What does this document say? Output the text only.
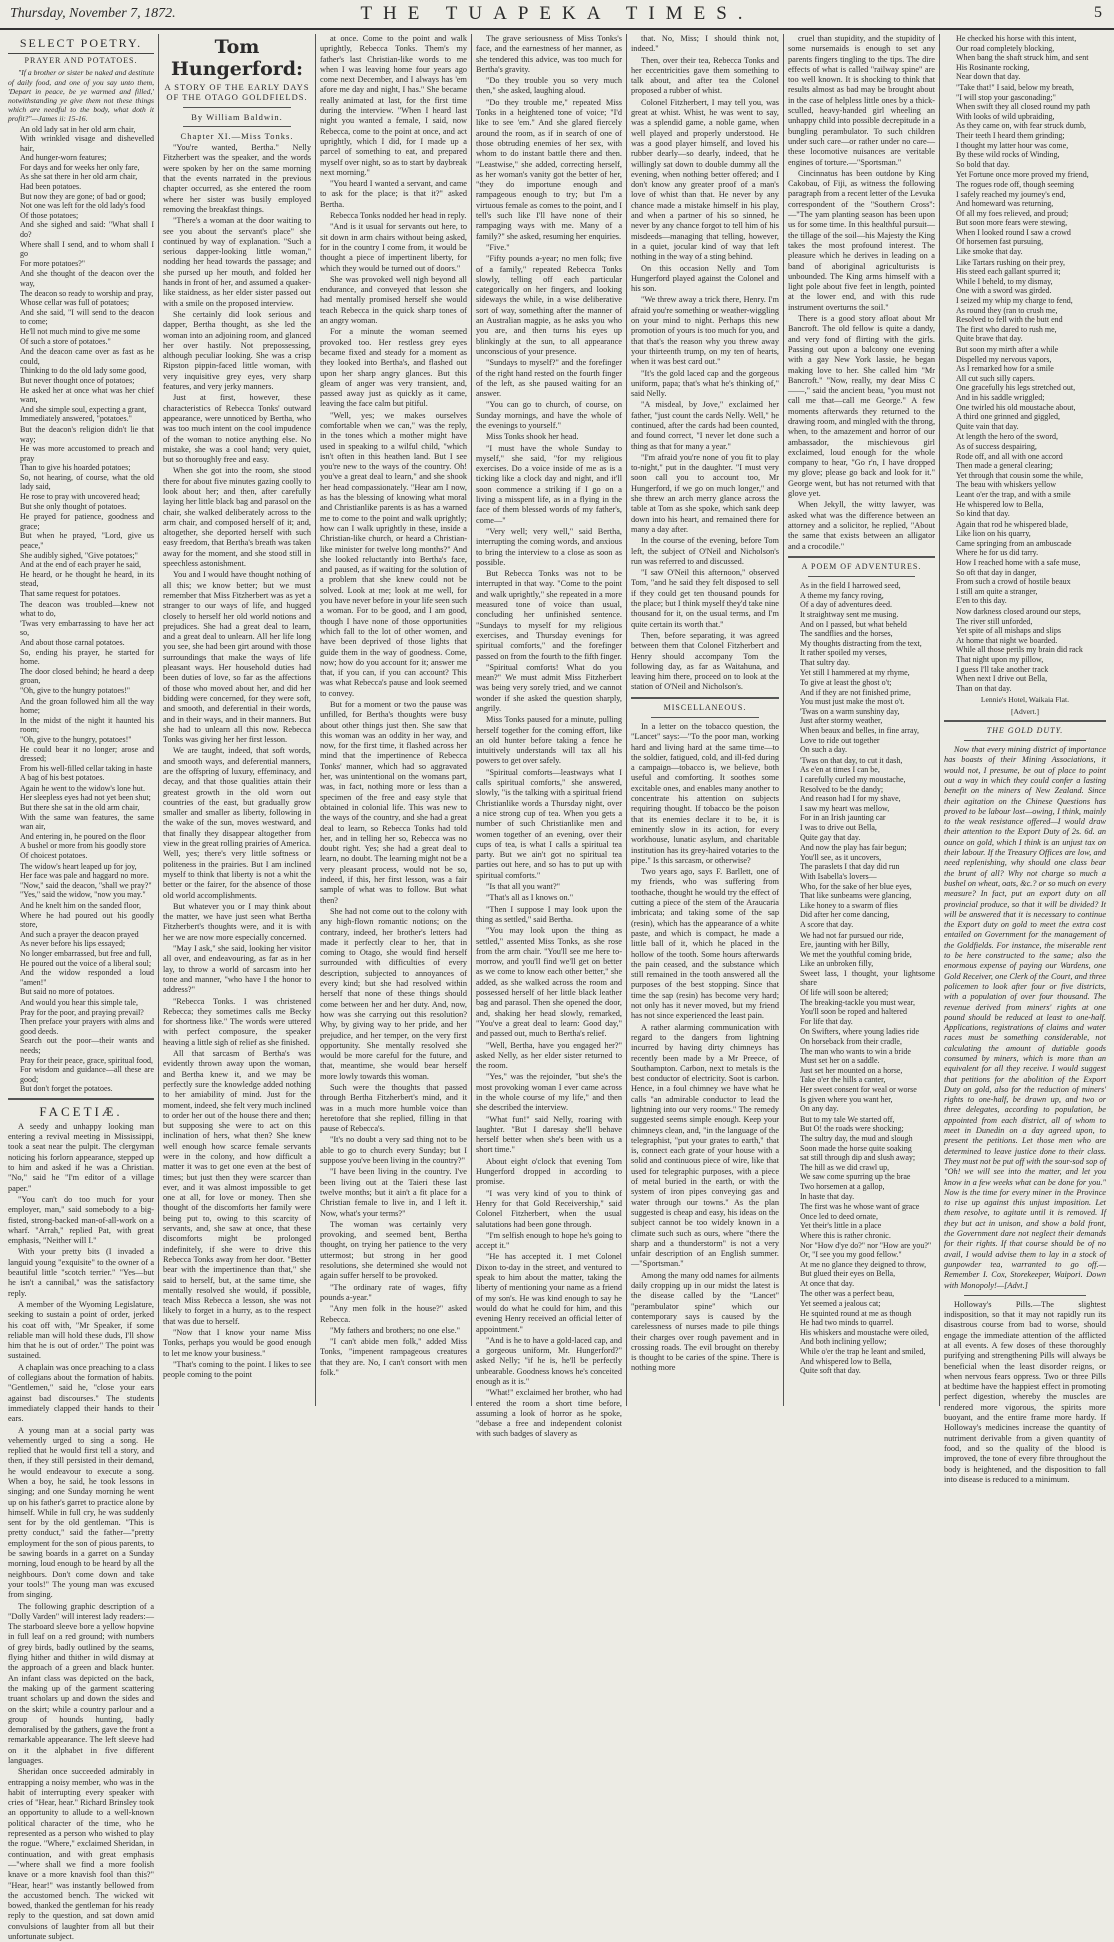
Thursday, November 7, 1872.	THE TUAPEKA TIMES.	5

SELECT POETRY.

PRAYER AND POTATOES.

"If a brother or sister be naked and destitute of daily food, and one of you say unto them, 'Depart in peace, be ye warmed and filled,' notwithstanding ye give them not these things which are needful to the body, what doth it profit?"—James ii: 15-16.

An old lady sat in her old arm chair,
With wrinkled visage and dishevelled hair,
And hunger-worn features;
For days and for weeks her only fare,
As she sat there in her old arm chair,
Had been potatoes.
But now they are gone; of bad or good;
Not one was left for the old lady's food
Of those potatoes;
And she sighed and said: "What shall I do?
Where shall I send, and to whom shall I go
For more potatoes?"

And she thought of the deacon over the way,
The deacon so ready to worship and pray,
Whose cellar was full of potatoes;
And she said, "I will send to the deacon to come;
He'll not much mind to give me some
Of such a store of potatoes."

And the deacon came over as fast as he could,
Thinking to do the old lady some good,
But never thought once of potatoes;
He asked her at once what was her chief want,
And she simple soul, expecting a grant,
Immediately answered, "potatoes."

But the deacon's religion didn't lie that way;
He was more accustomed to preach and pray
Than to give his hoarded potatoes;
So, not hearing, of course, what the old lady said,
He rose to pray with uncovered head;
But she only thought of potatoes.

He prayed for patience, goodness and grace;
But when he prayed, "Lord, give us peace,"
She audibly sighed, "Give potatoes;"
And at the end of each prayer he said,
He heard, or he thought he heard, in its stead,
That same request for potatoes.

The deacon was troubled—knew not what to do,
'Twas very embarrassing to have her act so,
And about those carnal potatoes.
So, ending his prayer, he started for home.
The door closed behind; he heard a deep groan,
"Oh, give to the hungry potatoes!"

And the groan followed him all the way home;
In the midst of the night it haunted his room;
"Oh, give to the hungry, potatoes!"
He could bear it no longer; arose and dressed;
From his well-filled cellar taking in haste
A bag of his best potatoes.

Again he went to the widow's lone hut.
Her sleepless eyes had not yet been shut;
But there she sat in the old arm chair,
With the same wan features, the same wan air,
And entering in, he poured on the floor
A bushel or more from his goodly store
Of choicest potatoes.

The widow's heart leaped up for joy,
Her face was pale and haggard no more.
"Now," said the deacon, "shall we pray?"
"Yes," said the widow, "now you may."

And he knelt him on the sanded floor,
Where he had poured out his goodly store,
And such a prayer the deacon prayed
As never before his lips essayed;
No longer embarrassed, but free and full,
He poured out the voice of a liberal soul;
And the widow responded a loud "amen!"
But said no more of potatoes.

And would you hear this simple tale,
Pray for the poor, and praying prevail?
Then preface your prayers with alms and good deeds.
Search out the poor—their wants and needs;
Pray for their peace, grace, spiritual food,
For wisdom and guidance—all these are good;
But don't forget the potatoes.

FACETIÆ.

A seedy and unhappy looking man entering a revival meeting in Mississippi, took a seat near the pulpit. The clergyman noticing his forlorn appearance, stepped up to him and asked if he was a Christian. "No," said he "I'm editor of a village paper."

"You can't do too much for your employer, man," said somebody to a big-fisted, strong-backed man-of-all-work on a wharf. "Arrah," replied Pat, with great emphasis, "Neither will I."

With your pretty bits (I invaded a languid young "exquisite" to the owner of a beautiful little "scotch terrier." "Yes—but he isn't a cannibal," was the satisfactory reply.

A member of the Wyoming Legislature, seeking to sustain a point of order, jerked his coat off with, "Mr Speaker, if some reliable man will hold these duds, I'll show him that he is out of order." The point was sustained.

A chaplain was once preaching to a class of collegians about the formation of habits. "Gentlemen," said he, "close your ears against bad discourses." The students immediately clapped their hands to their ears.

A young man at a social party was vehemently urged to sing a song. He replied that he would first tell a story, and then, if they still persisted in their demand, he would endeavour to execute a song. When a boy, he said, he took lessons in singing; and one Sunday morning he went up on his father's garret to practice alone by himself. While in full cry, he was suddenly sent for by the old gentleman. "This is pretty conduct," said the father—"pretty employment for the son of pious parents, to be sawing boards in a garret on a Sunday morning, loud enough to be heard by all the neighbours. Don't come down and take your tools!" The young man was excused from singing.

The following graphic description of a "Dolly Varden" will interest lady readers:—The starboard sleeve bore a yellow hopvine in full leaf on a red ground; with numbers of grey birds, badly outlined by the seams, flying hither and thither in wild dismay at the approach of a green and black hunter. An infant class was depicted on the back, the making up of the garment scattering truant scholars up and down the sides and on the skirt; while a country parlour and a group of hounds hunting, badly demoralised by the gathers, gave the front a remarkable appearance. The left sleeve had on it the alphabet in five different languages.

Sheridan once succeeded admirably in entrapping a noisy member, who was in the habit of interrupting every speaker with cries of "Hear, hear." Richard Brinsley took an opportunity to allude to a well-known political character of the time, who he represented as a person who wished to play the rogue. "Where," exclaimed Sheridan, in continuation, and with great emphasis—"where shall we find a more foolish knave or a more knavish fool than this?" "Hear, hear!" was instantly bellowed from the accustomed bench. The wicked wit bowed, thanked the gentleman for his ready reply to the question, and sat down amid convulsions of laughter from all but their unfortunate subject.

Tom Hungerford:

A STORY OF THE EARLY DAYS OF THE OTAGO GOLDFIELDS.

By William Baldwin.

Chapter XI.—Miss Tonks.

"You're wanted, Bertha." Nelly Fitzherbert was the speaker, and the words were spoken by her on the same morning that the events narrated in the previous chapter occurred, as she entered the room where her sister was busily employed removing the breakfast things.

"There's a woman at the door waiting to see you about the servant's place" she continued by way of explanation. "Such a serious dapper-looking little woman," nodding her head towards the passage; and she pursed up her mouth, and folded her hands in front of her, and assumed a quaker-like staidness, as her elder sister passed out with a smile on the proposed interview.

She certainly did look serious and dapper, Bertha thought, as she led the woman into an adjoining room, and glanced her over hastily. Not prepossessing, although peculiar looking. She was a crisp Ripston pippin-faced little woman, with very inquisitive grey eyes, very sharp features, and very jerky manners.

Just at first, however, these characteristics of Rebecca Tonks' outward appearance, were unnoticed by Bertha, who was too much intent on the cool impudence of the woman to notice anything else. No mistake, she was a cool hand; very quiet, but so thoroughly free and easy.

When she got into the room, she stood there for about five minutes gazing coolly to look about her; and then, after carefully laying her little black bag and parasol on the chair, she walked deliberately across to the arm chair, and composed herself of it; and, altogether, she deported herself with such easy freedom, that Bertha's breath was taken away for the moment, and she stood still in speechless astonishment.

You and I would have thought nothing of all this; we know better; but we must remember that Miss Fitzherbert was as yet a stranger to our ways of life, and hugged closely to herself her old world notions and prejudices. She had a great deal to learn, and a great deal to unlearn. All her life long you see, she had been girt around with those surroundings that make the ways of life pleasant ways. Her household duties had been duties of love, so far as the affections of those who moved about her, and did her bidding were concerned, for they were soft, and smooth, and deferential in their words, and in their ways, and in their manners. But she had to unlearn all this now. Rebecca Tonks was giving her her first lesson.

We are taught, indeed, that soft words, and smooth ways, and deferential manners, are the offspring of luxury, effeminacy, and decay, and that those qualities attain their greatest growth in the old worn out countries of the east, but gradually grow smaller and smaller as liberty, following in the wake of the sun, moves westward, and that finally they disappear altogether from view in the great rolling prairies of America. Well, yes; there's very little softness or politeness in the prairies. But I am inclined myself to think that liberty is not a whit the better or the fairer, for the absence of those old world accomplishments.

But whatever you or I may think about the matter, we have just seen what Bertha Fitzherbert's thoughts were, and it is with her we are now more especially concerned.

"May I ask," she said, looking her visitor all over, and endeavouring, as far as in her lay, to throw a world of sarcasm into her tone and manner, "who have I the honor to address?"

"Rebecca Tonks. I was christened Rebecca; they sometimes calls me Becky for shortness like." The words were uttered with perfect composure, the speaker heaving a little sigh of relief as she finished.

All that sarcasm of Bertha's was evidently thrown away upon the woman, and Bertha knew it, and we may be perfectly sure the knowledge added nothing to her amiability of mind. Just for the moment, indeed, she felt very much inclined to order her out of the house there and then; but supposing she were to act on this inclination of hers, what then? She knew well enough how scarce female servants were in the colony, and how difficult a matter it was to get one even at the best of times; but just then they were scarcer than ever, and it was almost impossible to get one at all, for love or money. Then she thought of the discomforts her family were being put to, owing to this scarcity of servants, and, she saw at once, that these discomforts might be prolonged indefinitely, if she were to drive this Rebecca Tonks away from her door. "Better bear with the impertinence than that," she said to herself, but, at the same time, she mentally resolved she would, if possible, teach Miss Rebecca a lesson, she was not likely to forget in a hurry, as to the respect that was due to herself.

"Now that I know your name Miss Tonks, perhaps you would be good enough to let me know your business."

"That's coming to the point. I likes to see people coming to the point

at once. Come to the point and walk uprightly, Rebecca Tonks. Them's my father's last Christian-like words to me when I was leaving home four years ago come next December, and I always has 'em afore me day and night, I has." She became really animated at last, for the first time during the interview. "When I heard last night you wanted a female, I said, now Rebecca, come to the point at once, and act uprightly, which I did, for I made up a parcel of something to eat, and prepared myself over night, so as to start by daybreak next morning."

"You heard I wanted a servant, and came to ask for the place; is that it?" asked Bertha.

Rebecca Tonks nodded her head in reply.

"And is it usual for servants out here, to sit down in arm chairs without being asked, for in the country I come from, it would be thought a piece of impertinent liberty, for which they would be turned out of doors."

She was provoked well nigh beyond all endurance, and conveyed that lesson she had mentally promised herself she would teach Rebecca in the quick sharp tones of an angry woman.

For a minute the woman seemed provoked too. Her restless grey eyes became fixed and steady for a moment as they looked into Bertha's, and flashed out upon her sharp angry glances. But this gleam of anger was very transient, and, passed away just as quickly as it came, leaving the face calm but pitiful.

"Well, yes; we makes ourselves comfortable when we can," was the reply, in the tones which a mother might have used in speaking to a wilful child, "which isn't often in this heathen land. But I see you're new to the ways of the country. Oh! you've a great deal to learn," and she shook her head compassionately. "Hear am I now, as has the blessing of knowing what moral and Christianlike parents is as has a warned me to come to the point and walk uprightly; how can I walk uprightly in these, inside a Christian-like church, or heard a Christian-like minister for twelve long months?" And she looked reluctantly into Bertha's face, and paused, as if waiting for the solution of a problem that she knew could not be solved. Look at me; look at me well, for you have never before in your life seen such a woman. For to be good, and I am good, though I have none of those opportunities which fall to the lot of other women, and have been deprived of those lights that guide them in the way of goodness. Come, now; how do you account for it; answer me that, if you can, if you can account? This was what Rebecca's pause and look seemed to convey.

But for a moment or two the pause was unfilled, for Bertha's thoughts were busy about other things just then. She saw that this woman was an oddity in her way, and now, for the first time, it flashed across her mind that the impertinence of Rebecca Tonks' manner, which had so aggravated her, was unintentional on the womans part, was, in fact, nothing more or less than a specimen of the free and easy style that obtained in colonial life. This was new to the ways of the country, and she had a great deal to learn, so Rebecca Tonks had told her, and in telling her so, Rebecca was no doubt right. Yes; she had a great deal to learn, no doubt. The learning might not be a very pleasant process, would not be so, indeed, if this, her first lesson, was a fair sample of what was to follow. But what then?

She had not come out to the colony with any high-flown romantic notions; on the contrary, indeed, her brother's letters had made it perfectly clear to her, that in coming to Otago, she would find herself surrounded with difficulties of every description, subjected to annoyances of every kind; but she had resolved within herself that none of these things should come between her and her duty. And, now, how was she carrying out this resolution? Why, by giving way to her pride, and her prejudice, and her temper, on the very first opportunity. She mentally resolved she would be more careful for the future, and that, meantime, she would bear herself more lowly towards this woman.

Such were the thoughts that passed through Bertha Fitzherbert's mind, and it was in a much more humble voice than heretofore that she replied, filling in that pause of Rebecca's.

"It's no doubt a very sad thing not to be able to go to church every Sunday; but I suppose you've been living in the country?"

"I have been living in the country. I've been living out at the Taieri these last twelve months; but it ain't a fit place for a Christian female to live in, and I left it. Now, what's your terms?"

The woman was certainly very provoking, and seemed bent, Bertha thought, on trying her patience to the very uttermost; but strong in her good resolutions, she determined she would not again suffer herself to be provoked.

"The ordinary rate of wages, fifty pounds a-year."

"Any men folk in the house?" asked Rebecca.

"My fathers and brothers; no one else."

"I can't abide men folk," added Miss Tonks, "impenent rampageous creatures that they are. No, I can't consort with men folk."

The grave seriousness of Miss Tonks's face, and the earnestness of her manner, as she tendered this advice, was too much for Bertha's gravity.

"Do they trouble you so very much then," she asked, laughing aloud.

"Do they trouble me," repeated Miss Tonks in a heightened tone of voice; "I'd like to see 'em." And she glared fiercely around the room, as if in search of one of those obtruding enemies of her sex, with whom to do instant battle there and then. "Leastwise," she added, correcting herself, as her woman's vanity got the better of her, "they do importune enough and rampageous enough to try; but I'm a virtuous female as comes to the point, and I tell's such like I'll have none of their rampaging ways with me. Many of a family?" she asked, resuming her enquiries.

"Five."

"Fifty pounds a-year; no men folk; five of a family," repeated Rebecca Tonks slowly, telling off each particular categorically on her fingers, and looking sideways the while, in a wise deliberative sort of way, something after the manner of an Australian magpie, as he asks you who you are, and then turns his eyes up blinkingly at the sun, to all appearance unconscious of your presence.

"Sundays to myself?" and the forefinger of the right hand rested on the fourth finger of the left, as she paused waiting for an answer.

"You can go to church, of course, on Sunday mornings, and have the whole of the evenings to yourself."

Miss Tonks shook her head.

"I must have the whole Sunday to myself," she said, "for my religious exercises. Do a voice inside of me as is a ticking like a clock day and night, and it'll soon commence a striking if I go on a living a misspent life, as in a flying in the face of them blessed words of my father's, come—"

"Very well; very well," said Bertha, interrupting the coming words, and anxious to bring the interview to a close as soon as possible.

But Rebecca Tonks was not to be interrupted in that way. "Come to the point and walk uprightly," she repeated in a more measured tone of voice than usual, concluding her unfinished sentence. "Sundays to myself for my religious exercises, and Thursday evenings for spiritual comforts," and the forefinger passed on from the fourth to the fifth finger.

"Spiritual comforts! What do you mean?" We must admit Miss Fitzherbert was being very sorely tried, and we cannot wonder if she asked the question sharply, angrily.

Miss Tonks paused for a minute, pulling herself together for the coming effort, like an old hunter before taking a fence he intuitively understands will tax all his powers to get over safely.

"Spiritual comforts—leastways what I calls spiritual comforts," she answered, slowly, "is the talking with a spiritual friend Christianlike words a Thursday night, over a nice strong cup of tea. When you gets a number of such Christianlike men and women together of an evening, over their cups of tea, is what I calls a spiritual tea party. But we ain't got no spiritual tea parties out here, and so has to put up with spiritual comforts."

"Is that all you want?"

"That's all as I knows on."

"Then I suppose I may look upon the thing as settled," said Bertha.

"You may look upon the thing as settled," assented Miss Tonks, as she rose from the arm chair. "You'll see me here to-morrow, and you'll find we'll get on better as we come to know each other better," she added, as she walked across the room and possessed herself of her little black leather bag and parasol. Then she opened the door, and, shaking her head slowly, remarked, "You've a great deal to learn: Good day," and passed out, much to Bertha's relief.

"Well, Bertha, have you engaged her?" asked Nelly, as her elder sister returned to the room.

"Yes," was the rejoinder, "but she's the most provoking woman I ever came across in the whole course of my life," and then she described the interview.

"What fun!" said Nelly, roaring with laughter. "But I daresay she'll behave herself better when she's been with us a short time."

About eight o'clock that evening Tom Hungerford dropped in according to promise.

"I was very kind of you to think of Henry for that Gold Receivership," said Colonel Fitzherbert, when the usual salutations had been gone through.

"I'm selfish enough to hope he's going to accept it."

"He has accepted it. I met Colonel Dixon to-day in the street, and ventured to speak to him about the matter, taking the liberty of mentioning your name as a friend of my son's. He was kind enough to say he would do what he could for him, and this evening Henry received an official letter of appointment."

"And is he to have a gold-laced cap, and a gorgeous uniform, Mr. Hungerford?" asked Nelly; "if he is, he'll be perfectly unbearable. Goodness knows he's conceited enough as it is."

"What!" exclaimed her brother, who had entered the room a short time before, assuming a look of horror as he spoke, "debase a free and independent colonist with such badges of slavery as

that. No, Miss; I should think not, indeed."

Then, over their tea, Rebecca Tonks and her eccentricities gave them something to talk about, and after tea the Colonel proposed a rubber of whist.

Colonel Fitzherbert, I may tell you, was great at whist. Whist, he was went to say, was a splendid game, a noble game, when well played and properly understood. He was a good player himself, and loved his rubber dearly—so dearly, indeed, that he willingly sat down to double dummy all the evening, when nothing better offered; and I don't know any greater proof of a man's love of whist than that. He never by any chance made a mistake himself in his play, and when a partner of his so sinned, he never by any chance forgot to tell him of his misdeeds—managing that telling, however, in a quiet, jocular kind of way that left nothing in the way of a sting behind.

On this occasion Nelly and Tom Hungerford played against the Colonel and his son.

"We threw away a trick there, Henry. I'm afraid you're something or weather-wiggling on your mind to night. Perhaps this new promotion of yours is too much for you, and that that's the reason why you threw away your thirteenth trump, on my ten of hearts, when it was best card out."

"It's the gold laced cap and the gorgeous uniform, papa; that's what he's thinking of," said Nelly.

"A misdeal, by Jove," exclaimed her father, "just count the cards Nelly. Well," he continued, after the cards had been counted, and found correct, "I never let done such a thing as that for many a year."

"I'm afraid you're none of you fit to play to-night," put in the daughter. "I must very soon call you to account too, Mr Hungerford, if we go on much longer," and she threw an arch merry glance across the table at Tom as she spoke, which sank deep down into his heart, and remained there for many a day after.

In the course of the evening, before Tom left, the subject of O'Neil and Nicholson's run was referred to and discussed.

"I saw O'Neil this afternoon," observed Tom, "and he said they felt disposed to sell if they could get ten thousand pounds for the place; but I think myself they'd take nine thousand for it, on the usual terms, and I'm quite certain its worth that."

Then, before separating, it was agreed between them that Colonel Fitzherbert and Henry should accompany Tom the following day, as far as Waitahuna, and leaving him there, proceed on to look at the station of O'Neil and Nicholson's.

MISCELLANEOUS.

In a letter on the tobacco question, the "Lancet" says:—"To the poor man, working hard and living hard at the same time—to the soldier, fatigued, cold, and ill-fed during a campaign—tobacco is, we believe, both useful and comforting. It soothes some excitable ones, and enables many another to concentrate his attention on subjects requiring thought. If tobacco be the poison that its enemies declare it to be, it is eminently slow in its action, for every workhouse, lunatic asylum, and charitable institution has its grey-haired votaries to the pipe." Is this sarcasm, or otherwise?

Two years ago, says F. Barllett, one of my friends, who was suffering from toothache, thought he would try the effect of cutting a piece of the stem of the Araucaria imbricata; and taking some of the sap (resin), which has the appearance of a white paste, and which is compact, he made a little ball of it, which he placed in the hollow of the tooth. Some hours afterwards the pain ceased, and the substance which still remained in the tooth answered all the purposes of the best stopping. Since that time the sap (resin) has become very hard; not only has it never moved, but my friend has not since experienced the least pain.

A rather alarming communication with regard to the dangers from lightning incurred by having dirty chimneys has recently been made by a Mr Preece, of Southampton. Carbon, next to metals is the best conductor of electricity. Soot is carbon. Hence, in a foul chimney we have what he calls "an admirable conductor to lead the lightning into our very rooms." The remedy suggested seems simple enough. Keep your chimneys clean, and, "in the language of the telegraphist, "put your grates to earth," that is, connect each grate of your house with a solid and continuous piece of wire, like that used for telegraphic purposes, with a piece of metal buried in the earth, or with the system of iron pipes conveying gas and water through our towns." As the plan suggested is cheap and easy, his ideas on the subject cannot be too widely known in a climate such such as ours, where "there the sharp and a thunderstorm" is not a very unfair description of an English summer.—"Sportsman."

Among the many odd names for ailments daily cropping up in our midst the latest is the disease called by the "Lancet" "perambulator spine" which our contemporary says is caused by the carelessness of nurses made to pile things their charges over rough pavement and in crossing roads. The evil brought on thereby is thought to be caries of the spine. There is nothing more

cruel than stupidity, and the stupidity of some nursemaids is enough to set any parents fingers tingling to the tips. The dire effects of what is called "railway spine" are too well known. It is shocking to think that results almost as bad may be brought about in the case of helpless little ones by a thick-sculled, heavy-handed girl wheeling an unhappy child into possible decrepitude in a bungling perambulator. To such children under such care—or rather under no care—these locomotive nuisances are veritable engines of torture.—"Sportsman."

Cincinnatus has been outdone by King Cakobau, of Fiji, as witness the following paragraph from a recent letter of the Levuka correspondent of the "Southern Cross":—"The yam planting season has been upon us for some time. In this healthful pursuit—the tillage of the soil—his Majesty the King takes the most profound interest. The pleasure which he derives in leading on a band of aboriginal agriculturists is unbounded. The King arms himself with a light pole about five feet in length, pointed at the lower end, and with this rude instrument overturns the soil."

There is a good story afloat about Mr Bancroft. The old fellow is quite a dandy, and very fond of flirting with the girls. Passing out upon a balcony one evening with a gay New York lassie, he began making love to her. She called him "Mr Bancroft." "Now, really, my dear Miss C——," said the ancient beau, "you must not call me that—call me George." A few moments afterwards they returned to the drawing room, and mingled with the throng, when, to the amazement and horror of our ambassador, the mischievous girl exclaimed, loud enough for the whole company to hear, "Go r'n, I have dropped my glove; please go back and look for it." George went, but has not returned with that glove yet.

When Jekyll, the witty lawyer, was asked what was the difference between an attorney and a solicitor, he replied, "About the same that exists between an alligator and a crocodile."

A POEM OF ADVENTURES.

As in the field I harrowed seed,
A theme my fancy roving,
Of a day of adventures deed.
It straightway sent me musing.
And on I passed, but what beheld
The sandflies and the horses,
My thoughts distracting from the text,
It rather spoiled my verses,
That sultry day.

Yet still I hammered at my rhyme,
To give at least the ghost o't;
And if they are not finished prime,
You must just make the most o't.
'Twas on a warm sunshiny day,
Just after stormy weather,
When beaux and belles, in fine array,
Love to ride out together
On such a day.

'Twas on that day, to cut it dash,
As e'en at times I can be,
I carefully curled my moustache,
Resolved to be the dandy;
And reason had I for my shave,
I saw my heart was mellow,
For in an Irish jaunting car
I was to drive out Bella,
Quite gay that day.

And now the play has fair begun;
You'll see, as it uncovers,
The paraslets I that day did run
With Isabella's lovers—
Who, for the sake of her blue eyes,
That like sunbeams were glancing,
Like honey to a swarm of flies
Did after her come dancing,
A score that day.

We had not far pursued our ride,
Ere, jaunting with her Billy,
We met the youthful coming bride,
Like an unbroken filly,
Sweet lass, I thought, your lightsome share
Of life will soon be altered;
The breaking-tackle you must wear,
You'll soon be roped and haltered
For life that day.

On Swifters, where young ladies ride
On horseback from their cradle,
The man who wants to win a bride
Must set her on a saddle.
Just set her mounted on a horse,
Take o'er the hills a canter,
Her sweet consent for weal or worse
Is given where you want her,
On any day.

But to my tale We started off,
But O! the roads were shocking;
The sultry day, the mud and slough
Soon made the horse quite soaking
sat still through dip and slush away;
The hill as we did crawl up,
We saw come spurring up the brae
Two horsemen at a gallop,
In haste that day.

The first was he whose want of grace
Once led to deed ornate,
Yet their's little in a place
Where this is rather chronic.
Nor "How d'ye do?" nor "How are you?"
Or, "I see you my good fellow."
At me no glance they deigned to throw,
But glued their eyes on Bella,
At once that day.

The other was a perfect beau,
Yet seemed a jealous cat;
He squinted round at me as though
He had two minds to quarrel.
His whiskers and moustache were oiled,
And both inclining yellow;
While o'er the trap he leant and smiled,
And whispered low to Bella,
Quite soft that day.

He checked his horse with this intent,
Our road completely blocking,
When bang the shaft struck him, and sent
His Rosinante rocking,
Near down that day.

"Take that!" I said, below my breath,
"I will stop your gasconading;"
When swift they all closed round my path
With looks of wild upbraiding,
As they came on, with fear struck dumb,
Their teeth I heard them grinding;
I thought my latter hour was come,
By these wild rocks of Winding,
So bold that day.

Yet Fortune once more proved my friend,
The rogues rode off, though seeming
I safely reached my journey's end,
And homeward was returning,
Of all my foes relieved, and proud;
But soon more fears were stewing,
When I looked round I saw a crowd
Of horsemen fast pursuing,
Like smoke that day.

Like Tartars rushing on their prey,
His steed each gallant spurred it;
While I beheld, to my dismay,
One with a sword was girded.
I seized my whip my charge to fend,
As round they (ran to crush me,
Resolved to fell with the butt end
The first who dared to rush me,
Quite brave that day.

But soon my mirth after a while
Dispelled my nervous vapors,
As I remarked how for a smile
All cut such silly capers.
One gracefully his legs stretched out,
And in his saddle wriggled;
One twirled his old moustache about,
A third one grinned and giggled,
Quite vain that day.

At length the hero of the sword,
As of success despairing,
Rode off, and all with one accord
Then made a general clearing;
Yet through that cousin some the while,
The beau with whiskers yellow
Leant o'er the trap, and with a smile
He whispered low to Bella,
So kind that day.

Again that rod he whispered blade,
Like lion on his quarry,
Came springing from an ambuscade
Where he for us did tarry.
How I reached home with a safe muse,
So oft that day in danger,
From such a crowd of hostile beaux
I still am quite a stranger,
E'en to this day.

Now darkness closed around our steps,
The river still unforded,
Yet spite of all mishaps and slips
At home that night we boarded.
While all those perils my brain did rack
That night upon my pillow,
I guess I'll take another track
When next I drive out Bella,
Than on that day.

Lennie's Hotel, Waikaia Flat.

[Advert.]

THE GOLD DUTY.

Now that every mining district of importance has boasts of their Mining Associations, it would not, I presume, be out of place to point out a way in which they could confer a lasting benefit on the miners of New Zealand. Since their agitation on the Chinese Questions has proved to be labour lost—owing, I think, mainly to the weak resistance offered—I would draw their attention to the Export Duty of 2s. 6d. an ounce on gold, which I think is an unjust tax on their labour. If the Treasury Offices are low, and need replenishing, why should one class bear the brunt of all? Why not charge so much a bushel on wheat, oats, &c.? or so much on every measure? In fact, put an export duty on all provincial produce, so that it will be divided? It will be answered that it is necessary to continue the Export duty on gold to meet the extra cost entailed on Government for the management of the Goldfields. For instance, the miserable rent to be here constructed to the same; also the enormous expense of paying our Wardens, one Gold Receiver, one Clerk of the Court, and three policemen to look after four or five districts, with a population of over four thousand. The revenue derived from miners' rights at one pound should be reduced at least to one-half. Applications, registrations of claims and water races must be something considerable, not calculating the amount of dutiable goods consumed by miners, which is more than an equivalent for all they receive. I would suggest that petitions for the abolition of the Export Duty on gold, also for the reduction of miners' rights to one-half, be drawn up, and two or three delegates, according to population, be appointed from each district, all of whom to meet in Dunedin on a day agreed upon, to present the petitions. Let those men who are determined to leave justice done to their class. They must not be put off with the sour-sod sop of "Oh! we will see into the matter, and let you know in a few weeks what can be done for you." Now is the time for every miner in the Province to rise up against this unjust imposition. Let them resolve, to agitate until it is removed. If they but act in unison, and show a bold front, the Government dare not neglect their demands for their rights. If that course should be of no avail, I would advise them to lay in a stock of gunpowder tea, warranted to go off.—Remember I. Cox, Storekeeper, Waipori. Down with Monopoly!—[Advt.]

Holloway's Pills.—The slightest indisposition, so that it may not rapidly run its disastrous course from bad to worse, should engage the immediate attention of the afflicted at all events. A few doses of these thoroughly purifying and strengthening Pills will always be beneficial when the least disorder reigns, or when nervous fears oppress. Two or three Pills at bedtime have the happiest effect in promoting perfect digestion, whereby the muscles are rendered more vigorous, the spirits more buoyant, and the entire frame more hardy. If Holloway's medicines increase the quantity of nutriment derivable from a given quantity of food, and so the quality of the blood is improved, the tone of every fibre throughout the body is heightened, and the disposition to fall into disease is reduced to a minimum.
